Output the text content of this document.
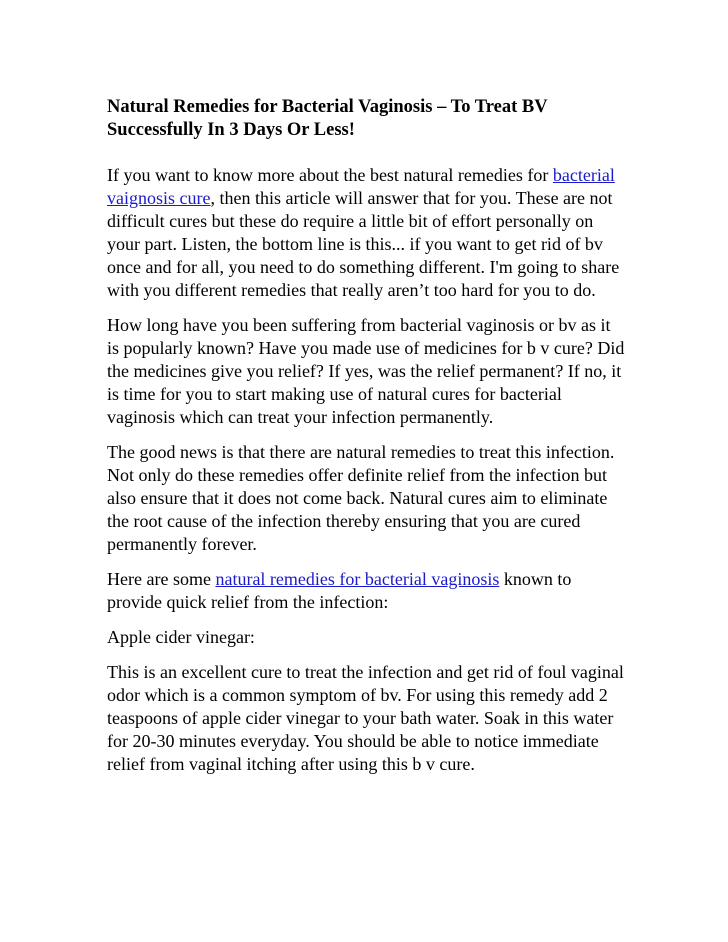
Natural Remedies for Bacterial Vaginosis – To Treat BV Successfully In 3 Days Or Less!

If you want to know more about the best natural remedies for bacterial vaignosis cure, then this article will answer that for you. These are not difficult cures but these do require a little bit of effort personally on your part. Listen, the bottom line is this... if you want to get rid of bv once and for all, you need to do something different. I'm going to share with you different remedies that really aren’t too hard for you to do.

How long have you been suffering from bacterial vaginosis or bv as it is popularly known? Have you made use of medicines for b v cure? Did the medicines give you relief? If yes, was the relief permanent? If no, it is time for you to start making use of natural cures for bacterial vaginosis which can treat your infection permanently.

The good news is that there are natural remedies to treat this infection. Not only do these remedies offer definite relief from the infection but also ensure that it does not come back. Natural cures aim to eliminate the root cause of the infection thereby ensuring that you are cured permanently forever.

Here are some natural remedies for bacterial vaginosis known to provide quick relief from the infection:

Apple cider vinegar:

This is an excellent cure to treat the infection and get rid of foul vaginal odor which is a common symptom of bv. For using this remedy add 2 teaspoons of apple cider vinegar to your bath water. Soak in this water for 20-30 minutes everyday. You should be able to notice immediate relief from vaginal itching after using this b v cure.
